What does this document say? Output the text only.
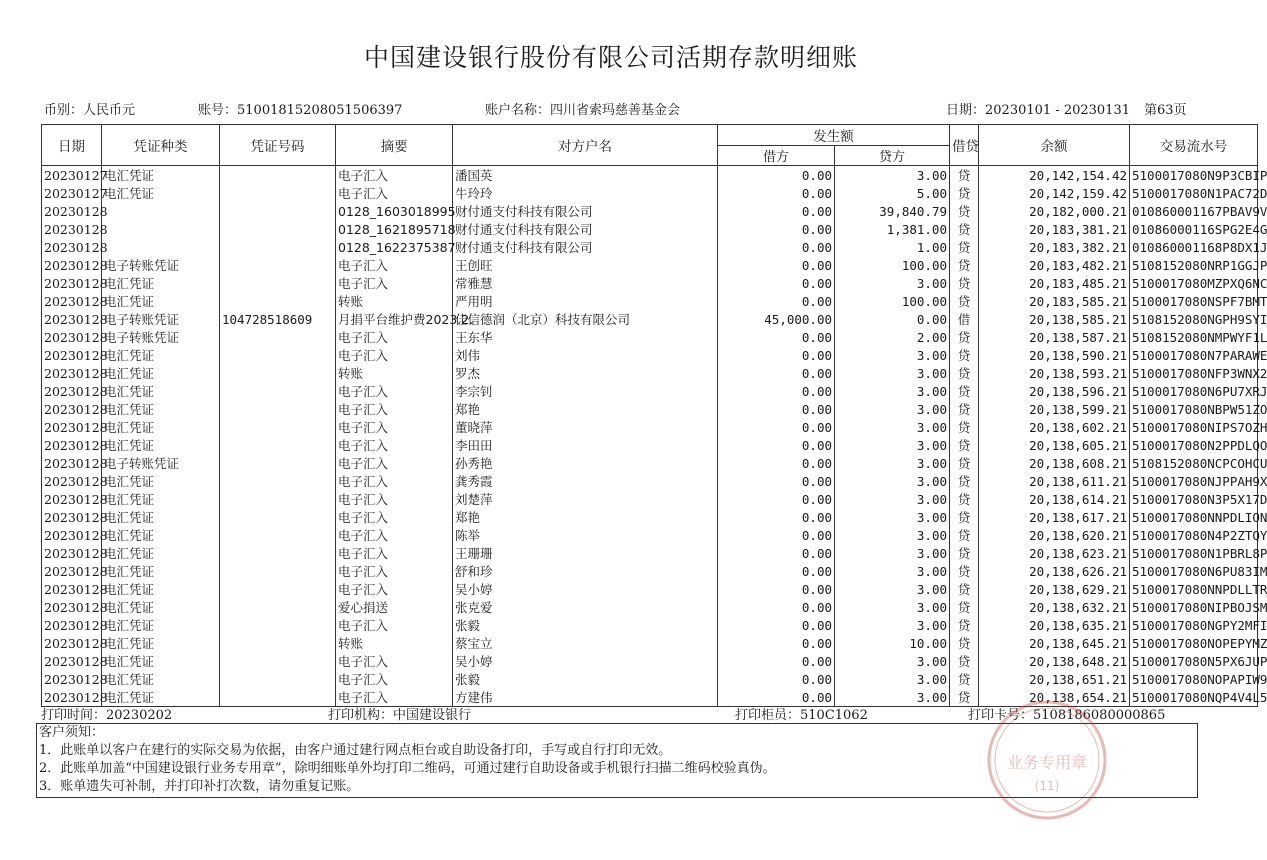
中国建设银行股份有限公司活期存款明细账
币别：人民币元	账号：51001815208051506397	账户名称：四川省索玛慈善基金会	日期：20230101 - 20230131 第63页
日期	凭证种类	凭证号码	摘要	对方户名	发生额		借贷	余额	交易流水号
					借方	贷方			
20230127	电汇凭证		电子汇入	潘国英	0.00	3.00	贷	20,142,154.42	5100017080N9P3CBIP
20230127	电汇凭证		电子汇入	牛玲玲	0.00	5.00	贷	20,142,159.42	5100017080N1PAC72D
20230128			0128_1603018995	财付通支付科技有限公司	0.00	39,840.79	贷	20,182,000.21	010860001167PBAV9V
20230128			0128_1621895718	财付通支付科技有限公司	0.00	1,381.00	贷	20,183,381.21	01086000116SPG2E4G
20230128			0128_1622375387	财付通支付科技有限公司	0.00	1.00	贷	20,183,382.21	010860001168P8DX1J
20230128	电子转账凭证		电子汇入	王创旺	0.00	100.00	贷	20,183,482.21	5108152080NRP1GGJP
20230128	电汇凭证		电子汇入	常雅慧	0.00	3.00	贷	20,183,485.21	5100017080MZPXQ6NC
20230128	电汇凭证		转账	严用明	0.00	100.00	贷	20,183,585.21	5100017080NSPF7BMT
20230128	电子转账凭证	104728518609	月捐平台维护费2023.2.	佳信德润（北京）科技有限公司	45,000.00	0.00	借	20,138,585.21	5108152080NGPH9SYI
20230128	电子转账凭证		电子汇入	王东华	0.00	2.00	贷	20,138,587.21	5108152080NMPWYF1L
20230128	电汇凭证		电子汇入	刘伟	0.00	3.00	贷	20,138,590.21	5100017080N7PARAWE
20230128	电汇凭证		转账	罗杰	0.00	3.00	贷	20,138,593.21	5100017080NFP3WNX2
20230128	电汇凭证		电子汇入	李宗钊	0.00	3.00	贷	20,138,596.21	5100017080N6PU7XRJ
20230128	电汇凭证		电子汇入	郑艳	0.00	3.00	贷	20,138,599.21	5100017080NBPW51ZO
20230128	电汇凭证		电子汇入	董晓萍	0.00	3.00	贷	20,138,602.21	5100017080NIPS7OZH
20230128	电汇凭证		电子汇入	李田田	0.00	3.00	贷	20,138,605.21	5100017080N2PPDLQO
20230128	电子转账凭证		电子汇入	孙秀艳	0.00	3.00	贷	20,138,608.21	5108152080NCPCOHCU
20230128	电汇凭证		电子汇入	龚秀霞	0.00	3.00	贷	20,138,611.21	5100017080NJPPAH9X
20230128	电汇凭证		电子汇入	刘楚萍	0.00	3.00	贷	20,138,614.21	5100017080N3P5X17D
20230128	电汇凭证		电子汇入	郑艳	0.00	3.00	贷	20,138,617.21	5100017080NNPDLION
20230128	电汇凭证		电子汇入	陈举	0.00	3.00	贷	20,138,620.21	5100017080N4P2ZTQY
20230128	电汇凭证		电子汇入	王珊珊	0.00	3.00	贷	20,138,623.21	5100017080N1PBRL8P
20230128	电汇凭证		电子汇入	舒和珍	0.00	3.00	贷	20,138,626.21	5100017080N6PU83IM
20230128	电汇凭证		电子汇入	吴小婷	0.00	3.00	贷	20,138,629.21	5100017080NNPDLLTR
20230128	电汇凭证		爱心捐送	张克爱	0.00	3.00	贷	20,138,632.21	5100017080NIPBOJSM
20230128	电汇凭证		电子汇入	张毅	0.00	3.00	贷	20,138,635.21	5100017080NGPY2MFI
20230128	电汇凭证		转账	蔡宝立	0.00	10.00	贷	20,138,645.21	5100017080NOPEPYMZ
20230128	电汇凭证		电子汇入	吴小婷	0.00	3.00	贷	20,138,648.21	5100017080N5PX6JUP
20230128	电汇凭证		电子汇入	张毅	0.00	3.00	贷	20,138,651.21	5100017080NOPAPIW9
20230128	电汇凭证		电子汇入	方建伟	0.00	3.00	贷	20,138,654.21	5100017080NQP4V4L5
打印时间：20230202	打印机构：中国建设银行	打印柜员：510C1062	打印卡号：5108186080000865
客户须知：
1．此账单以客户在建行的实际交易为依据，由客户通过建行网点柜台或自助设备打印，手写或自行打印无效。
2．此账单加盖“中国建设银行业务专用章”，除明细账单外均打印二维码，可通过建行自助设备或手机银行扫描二维码校验真伪。
3．账单遗失可补制，并打印补打次数，请勿重复记账。
业务专用章
(11)
